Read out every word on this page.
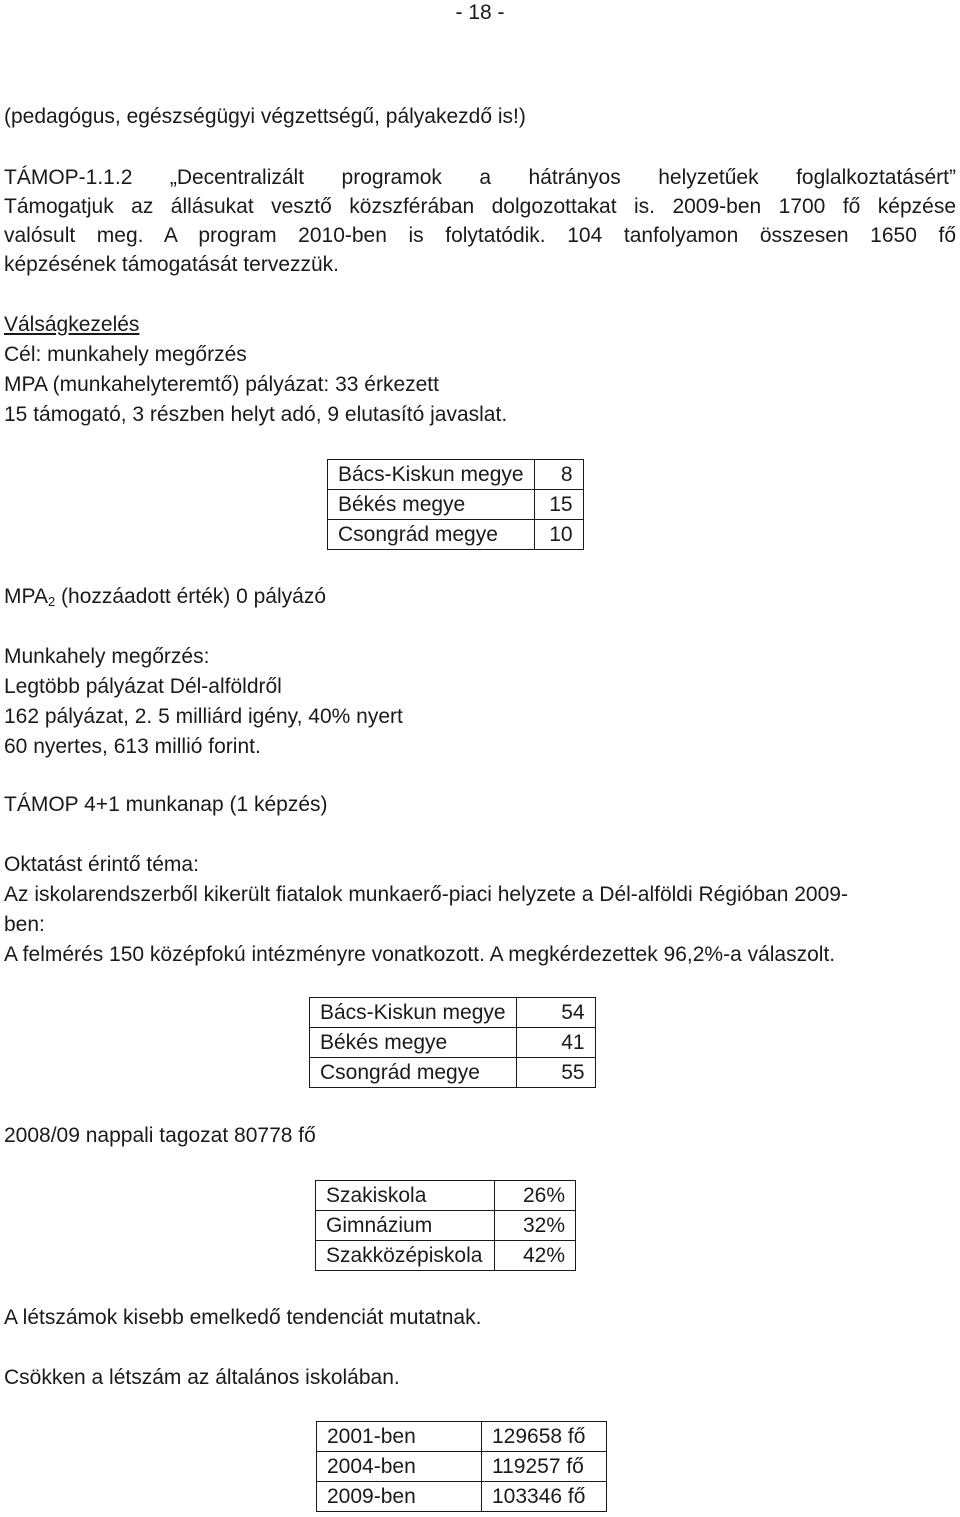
- 18 -
(pedagógus, egészségügyi végzettségű, pályakezdő is!)
TÁMOP-1.1.2 „Decentralizált programok a hátrányos helyzetűek foglalkoztatásért”
Támogatjuk az állásukat vesztő közszférában dolgozottakat is. 2009-ben 1700 fő képzése
valósult meg. A program 2010-ben is folytatódik. 104 tanfolyamon összesen 1650 fő
képzésének támogatását tervezzük.
Válságkezelés
Cél: munkahely megőrzés
MPA (munkahelyteremtő) pályázat: 33 érkezett
15 támogató, 3 részben helyt adó, 9 elutasító javaslat.
Bács-Kiskun megye	8
Békés megye	15
Csongrád megye	10
$MPA_2$ (hozzáadott érték) 0 pályázó
Munkahely megőrzés:
Legtöbb pályázat Dél-alföldről
162 pályázat, 2. 5 milliárd igény, 40% nyert
60 nyertes, 613 millió forint.
TÁMOP 4+1 munkanap (1 képzés)
Oktatást érintő téma:
Az iskolarendszerből kikerült fiatalok munkaerő-piaci helyzete a Dél-alföldi Régióban 2009-
ben:
A felmérés 150 középfokú intézményre vonatkozott. A megkérdezettek 96,2%-a válaszolt.
Bács-Kiskun megye	54
Békés megye	41
Csongrád megye	55
2008/09 nappali tagozat 80778 fő
Szakiskola	26%
Gimnázium	32%
Szakközépiskola	42%
A létszámok kisebb emelkedő tendenciát mutatnak.
Csökken a létszám az általános iskolában.
2001-ben	129658 fő
2004-ben	119257 fő
2009-ben	103346 fő
